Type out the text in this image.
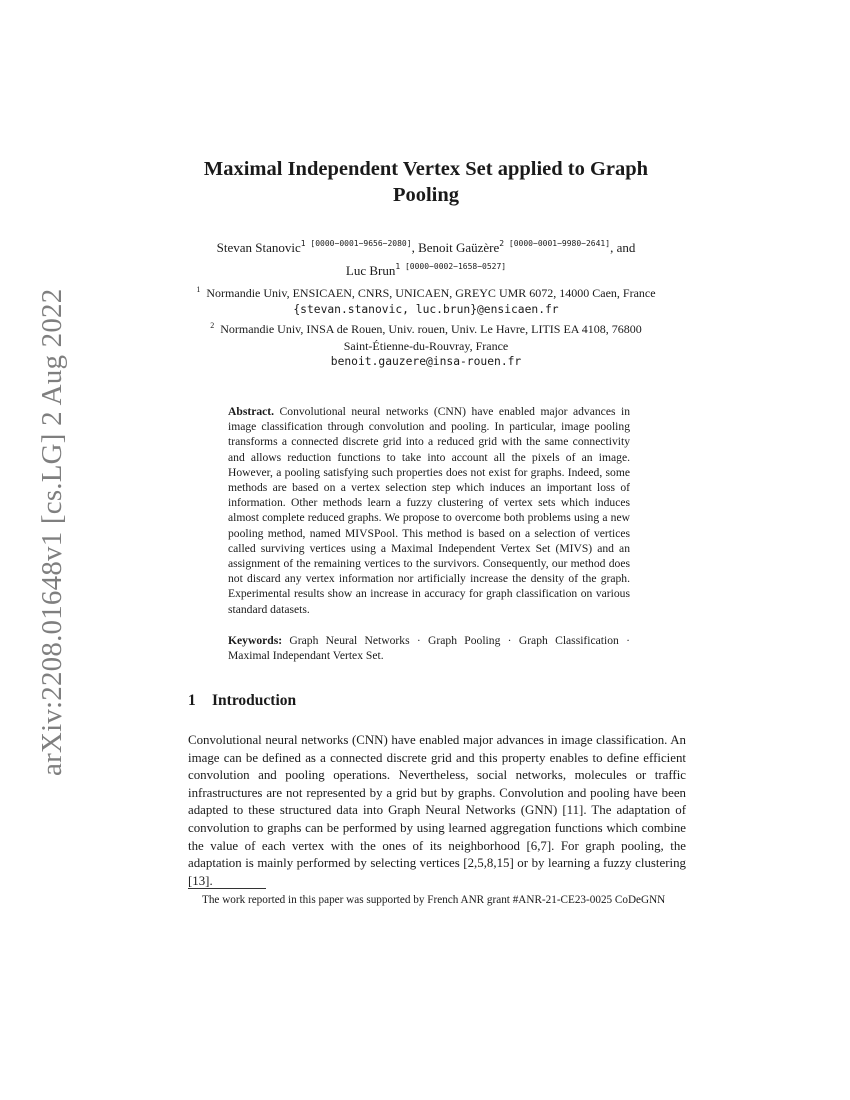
arXiv:2208.01648v1 [cs.LG] 2 Aug 2022
Maximal Independent Vertex Set applied to Graph
Pooling
Stevan Stanovic$^{1 [0000-0001-9656-2080]}$, Benoit Gaüzère$^{2 [0000-0001-9980-2641]}$, and
Luc Brun$^{1 [0000-0002-1658-0527]}$
$^1$ Normandie Univ, ENSICAEN, CNRS, UNICAEN, GREYC UMR 6072, 14000 Caen, France
{stevan.stanovic, luc.brun}@ensicaen.fr
$^2$ Normandie Univ, INSA de Rouen, Univ. rouen, Univ. Le Havre, LITIS EA 4108, 76800
Saint-Étienne-du-Rouvray, France
benoit.gauzere@insa-rouen.fr
Abstract. Convolutional neural networks (CNN) have enabled major advances in image classification through convolution and pooling. In particular, image pooling transforms a connected discrete grid into a reduced grid with the same connectivity and allows reduction functions to take into account all the pixels of an image. However, a pooling satisfying such properties does not exist for graphs. Indeed, some methods are based on a vertex selection step which induces an important loss of information. Other methods learn a fuzzy clustering of vertex sets which induces almost complete reduced graphs. We propose to overcome both problems using a new pooling method, named MIVSPool. This method is based on a selection of vertices called surviving vertices using a Maximal Independent Vertex Set (MIVS) and an assignment of the remaining vertices to the survivors. Consequently, our method does not discard any vertex information nor artificially increase the density of the graph. Experimental results show an increase in accuracy for graph classification on various standard datasets.
Keywords: Graph Neural Networks · Graph Pooling · Graph Classification · Maximal Independant Vertex Set.
1 Introduction
Convolutional neural networks (CNN) have enabled major advances in image classification. An image can be defined as a connected discrete grid and this property enables to define efficient convolution and pooling operations. Nevertheless, social networks, molecules or traffic infrastructures are not represented by a grid but by graphs. Convolution and pooling have been adapted to these structured data into Graph Neural Networks (GNN) [11]. The adaptation of convolution to graphs can be performed by using learned aggregation functions which combine the value of each vertex with the ones of its neighborhood [6,7]. For graph pooling, the adaptation is mainly performed by selecting vertices [2,5,8,15] or by learning a fuzzy clustering [13].
The work reported in this paper was supported by French ANR grant #ANR-21-CE23-0025 CoDeGNN
